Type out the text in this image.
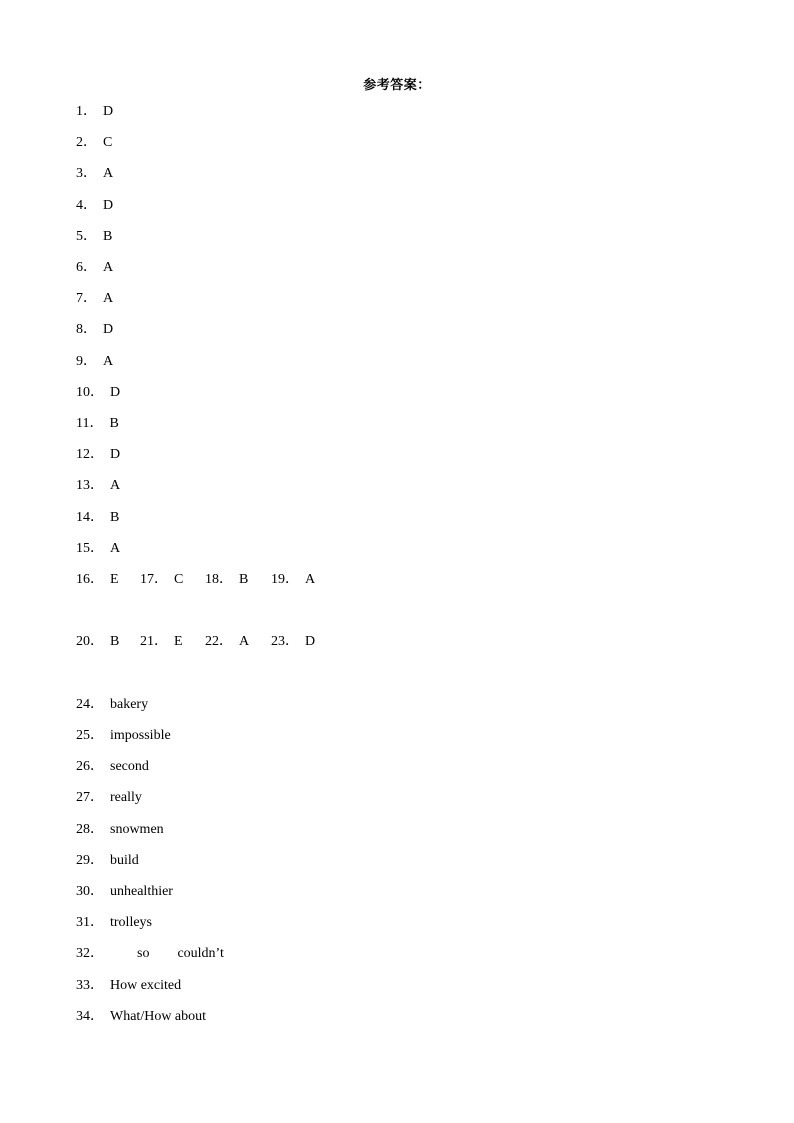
参考答案：
1． D
2． C
3． A
4． D
5． B
6． A
7． A
8． D
9． A
10． D
11． B
12． D
13． A
14． B
15． A
16． E 17． C 18． B 19． A
20． B 21． E 22． A 23． D
24． bakery
25． impossible
26． second
27． really
28． snowmen
29． build
30． unhealthier
31． trolleys
32． so couldn’t
33． How excited
34． What/How about
